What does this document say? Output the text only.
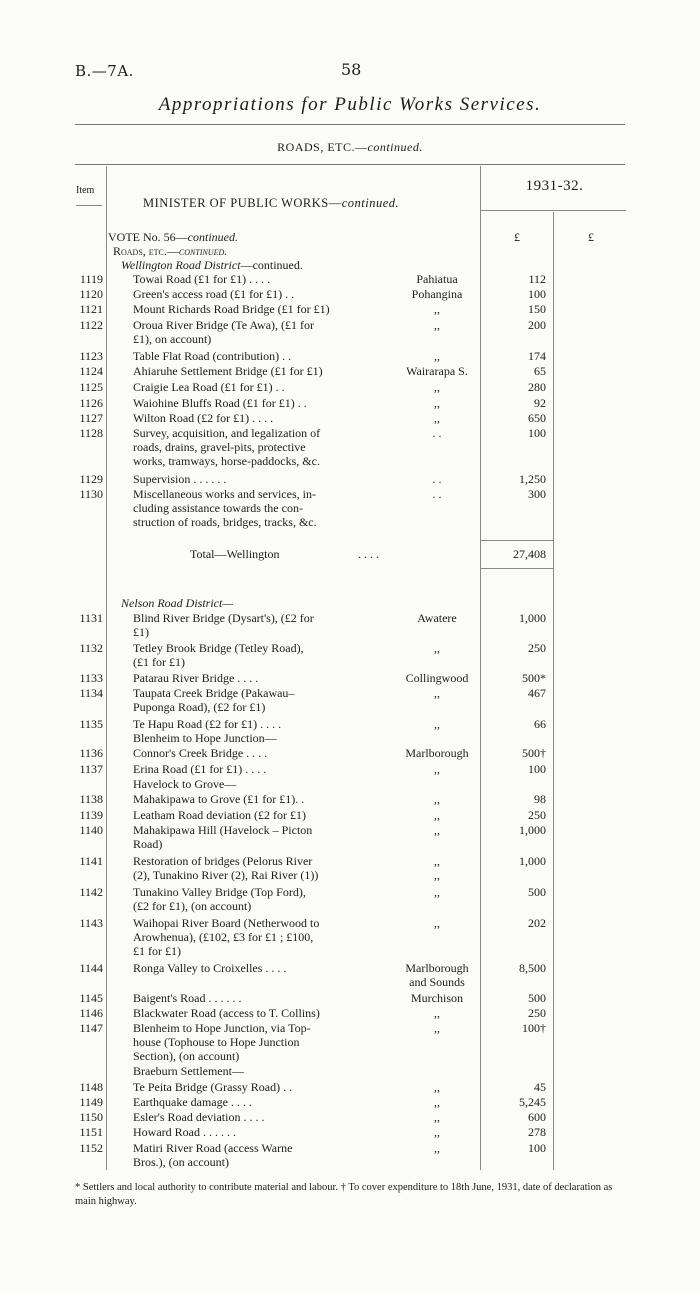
B.—7A.	58
Appropriations for Public Works Services.
ROADS, ETC.—continued.
Item
MINISTER OF PUBLIC WORKS—continued.
1931-32.
VOTE No. 56—continued.	£	£
Roads, etc.—continued.
Wellington Road District—continued.
1119	Towai Road (£1 for £1) . . . .	Pahiatua	112
1120	Green's access road (£1 for £1) . .	Pohangina	100
1121	Mount Richards Road Bridge (£1 for £1)	,,	150
1122	Oroua River Bridge (Te Awa), (£1 for	,,	200
£1), on account)
1123	Table Flat Road (contribution) . .	,,	174
1124	Ahiaruhe Settlement Bridge (£1 for £1)	Wairarapa S.	65
1125	Craigie Lea Road (£1 for £1) . .	,,	280
1126	Waiohine Bluffs Road (£1 for £1) . .	,,	92
1127	Wilton Road (£2 for £1) . . . .	,,	650
1128	Survey, acquisition, and legalization of	. .	100
roads, drains, gravel-pits, protective
works, tramways, horse-paddocks, &c.
1129	Supervision . . . . . .	. .	1,250
1130	Miscellaneous works and services, in-	. .	300
cluding assistance towards the con-
struction of roads, bridges, tracks, &c.
Total—Wellington	. . . .	27,408
Nelson Road District—
1131	Blind River Bridge (Dysart's), (£2 for	Awatere	1,000
£1)
1132	Tetley Brook Bridge (Tetley Road),	,,	250
(£1 for £1)
1133	Patarau River Bridge . . . .	Collingwood	500*
1134	Taupata Creek Bridge (Pakawau–	,,	467
Puponga Road), (£2 for £1)
1135	Te Hapu Road (£2 for £1) . . . .	,,	66
Blenheim to Hope Junction—
1136	Connor's Creek Bridge . . . .	Marlborough	500†
1137	Erina Road (£1 for £1) . . . .	,,	100
Havelock to Grove—
1138	Mahakipawa to Grove (£1 for £1). .	,,	98
1139	Leatham Road deviation (£2 for £1)	,,	250
1140	Mahakipawa Hill (Havelock – Picton	,,	1,000
Road)
1141	Restoration of bridges (Pelorus River	,,	1,000
(2), Tunakino River (2), Rai River (1))	,,
1142	Tunakino Valley Bridge (Top Ford),	,,	500
(£2 for £1), (on account)
1143	Waihopai River Board (Netherwood to	,,	202
Arowhenua), (£102, £3 for £1 ; £100,
£1 for £1)
1144	Ronga Valley to Croixelles . . . .	Marlborough	8,500
and Sounds
1145	Baigent's Road . . . . . .	Murchison	500
1146	Blackwater Road (access to T. Collins)	,,	250
1147	Blenheim to Hope Junction, via Top-	,,	100†
house (Tophouse to Hope Junction
Section), (on account)
Braeburn Settlement—
1148	Te Peita Bridge (Grassy Road) . .	,,	45
1149	Earthquake damage . . . .	,,	5,245
1150	Esler's Road deviation . . . .	,,	600
1151	Howard Road . . . . . .	,,	278
1152	Matiri River Road (access Warne	,,	100
Bros.), (on account)
* Settlers and local authority to contribute material and labour. † To cover expenditure to 18th June, 1931, date of declaration as main highway.
